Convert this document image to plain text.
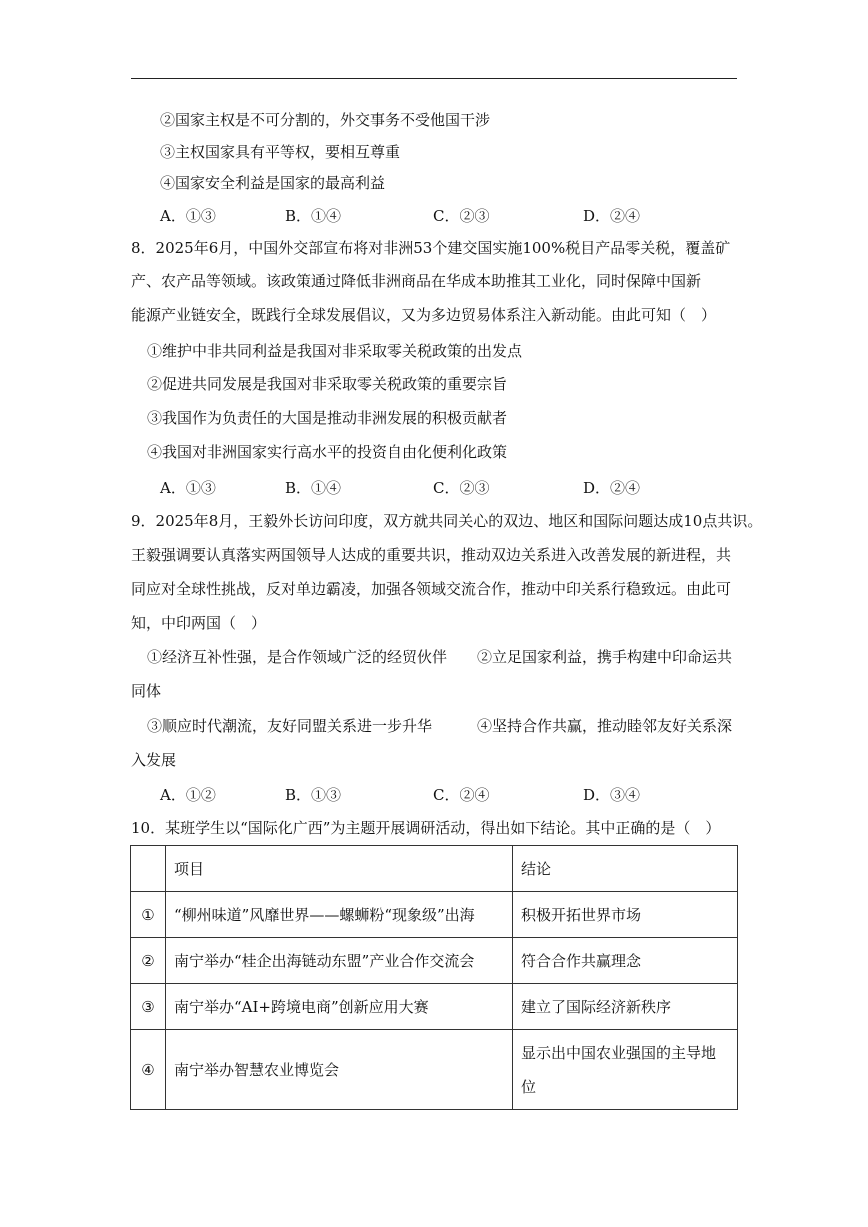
②国家主权是不可分割的，外交事务不受他国干涉
③主权国家具有平等权，要相互尊重
④国家安全利益是国家的最高利益
A．①③	B．①④	C．②③	D．②④
8．2025年6月，中国外交部宣布将对非洲53个建交国实施100%税目产品零关税，覆盖矿
产、农产品等领域。该政策通过降低非洲商品在华成本助推其工业化，同时保障中国新
能源产业链安全，既践行全球发展倡议，又为多边贸易体系注入新动能。由此可知（　）
①维护中非共同利益是我国对非采取零关税政策的出发点
②促进共同发展是我国对非采取零关税政策的重要宗旨
③我国作为负责任的大国是推动非洲发展的积极贡献者
④我国对非洲国家实行高水平的投资自由化便利化政策
A．①③	B．①④	C．②③	D．②④
9．2025年8月，王毅外长访问印度，双方就共同关心的双边、地区和国际问题达成10点共识。
王毅强调要认真落实两国领导人达成的重要共识，推动双边关系进入改善发展的新进程，共
同应对全球性挑战，反对单边霸凌，加强各领域交流合作，推动中印关系行稳致远。由此可
知，中印两国（　）
①经济互补性强，是合作领域广泛的经贸伙伴　　②立足国家利益，携手构建中印命运共
同体
③顺应时代潮流，友好同盟关系进一步升华　　　④坚持合作共赢，推动睦邻友好关系深
入发展
A．①②	B．①③	C．②④	D．③④
10．某班学生以“国际化广西”为主题开展调研活动，得出如下结论。其中正确的是（　）
	项目	结论
①	“柳州味道”风靡世界——螺蛳粉“现象级”出海	积极开拓世界市场
②	南宁举办“桂企出海链动东盟”产业合作交流会	符合合作共赢理念
③	南宁举办“AI+跨境电商”创新应用大赛	建立了国际经济新秩序
④	南宁举办智慧农业博览会	显示出中国农业强国的主导地位
